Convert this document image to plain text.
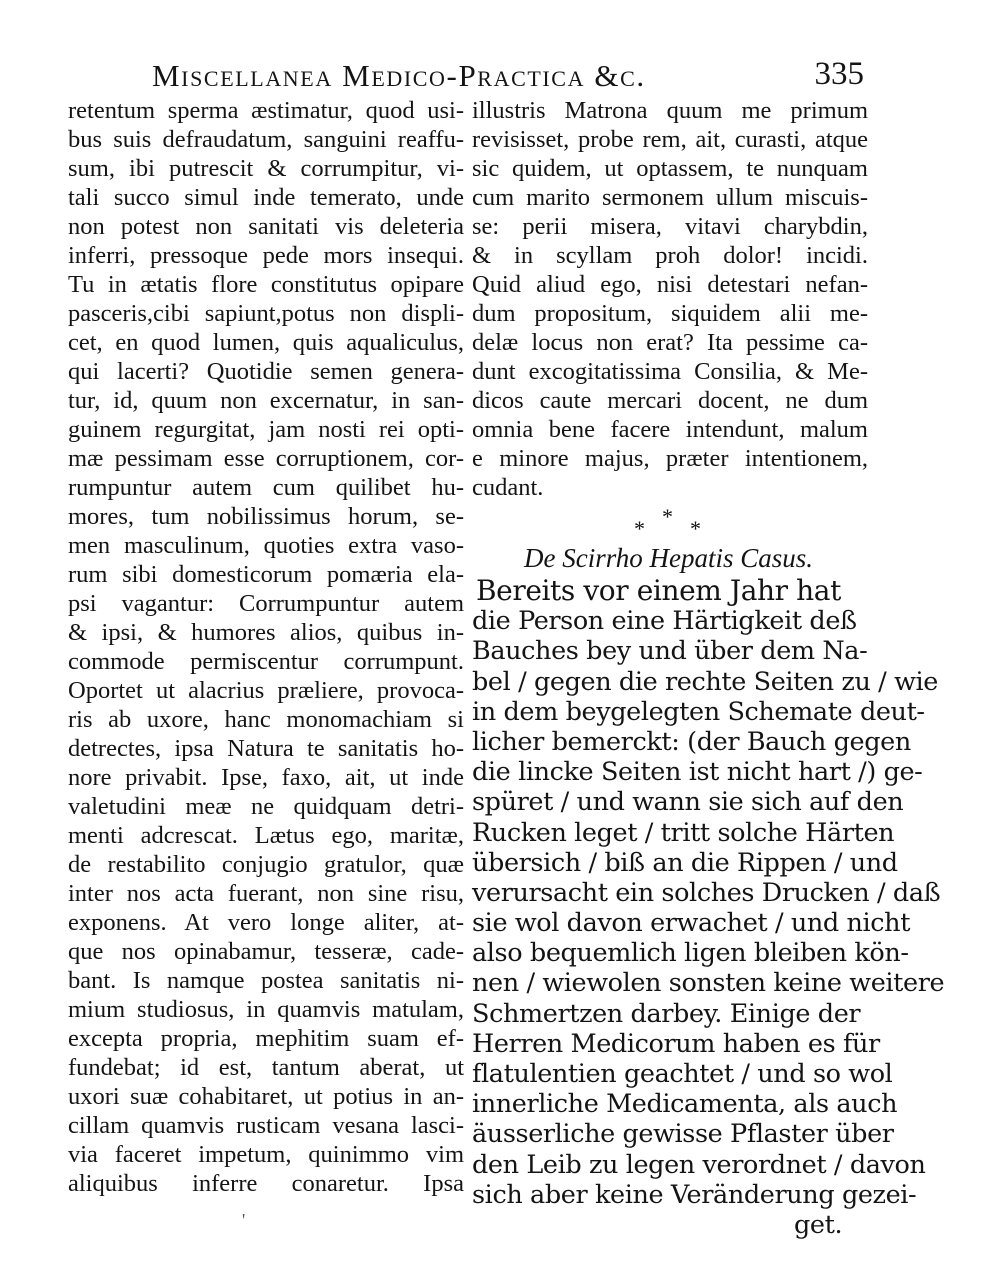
Miscellanea Medico-Practica &c.	335
retentum sperma æstimatur, quod usi-
bus suis defraudatum, sanguini reaffu-
sum, ibi putrescit & corrumpitur, vi-
tali succo simul inde temerato, unde
non potest non sanitati vis deleteria
inferri, pressoque pede mors insequi.
Tu in ætatis flore constitutus opipare
pasceris,cibi sapiunt,potus non displi-
cet, en quod lumen, quis aqualiculus,
qui lacerti? Quotidie semen genera-
tur, id, quum non excernatur, in san-
guinem regurgitat, jam nosti rei opti-
mæ pessimam esse corruptionem, cor-
rumpuntur autem cum quilibet hu-
mores, tum nobilissimus horum, se-
men masculinum, quoties extra vaso-
rum sibi domesticorum pomæria ela-
psi vagantur: Corrumpuntur autem
& ipsi, & humores alios, quibus in-
commode permiscentur corrumpunt.
Oportet ut alacrius præliere, provoca-
ris ab uxore, hanc monomachiam si
detrectes, ipsa Natura te sanitatis ho-
nore privabit. Ipse, faxo, ait, ut inde
valetudini meæ ne quidquam detri-
menti adcrescat. Lætus ego, maritæ,
de restabilito conjugio gratulor, quæ
inter nos acta fuerant, non sine risu,
exponens. At vero longe aliter, at-
que nos opinabamur, tesseræ, cade-
bant. Is namque postea sanitatis ni-
mium studiosus, in quamvis matulam,
excepta propria, mephitim suam ef-
fundebat; id est, tantum aberat, ut
uxori suæ cohabitaret, ut potius in an-
cillam quamvis rusticam vesana lasci-
via faceret impetum, quinimmo vim
aliquibus inferre conaretur. Ipsa
illustris Matrona quum me primum
revisisset, probe rem, ait, curasti, atque
sic quidem, ut optassem, te nunquam
cum marito sermonem ullum miscuis-
se: perii misera, vitavi charybdin,
& in scyllam proh dolor! incidi.
Quid aliud ego, nisi detestari nefan-
dum propositum, siquidem alii me-
delæ locus non erat? Ita pessime ca-
dunt excogitatissima Consilia, & Me-
dicos caute mercari docent, ne dum
omnia bene facere intendunt, malum
e minore majus, præter intentionem,
cudant.
* * *
De Scirrho Hepatis Casus.
Bereits vor einem Jahr hat
die Person eine Härtigkeit deß
Bauches bey und über dem Na-
bel / gegen die rechte Seiten zu / wie
in dem beygelegten Schemate deut-
licher bemerckt: (der Bauch gegen
die lincke Seiten ist nicht hart /) ge-
spüret / und wann sie sich auf den
Rucken leget / tritt solche Härten
übersich / biß an die Rippen / und
verursacht ein solches Drucken / daß
sie wol davon erwachet / und nicht
also bequemlich ligen bleiben kön-
nen / wiewolen sonsten keine weitere
Schmertzen darbey. Einige der
Herren Medicorum haben es für
flatulentien geachtet / und so wol
innerliche Medicamenta, als auch
äusserliche gewisse Pflaster über
den Leib zu legen verordnet / davon
sich aber keine Veränderung gezei-
get.
'
